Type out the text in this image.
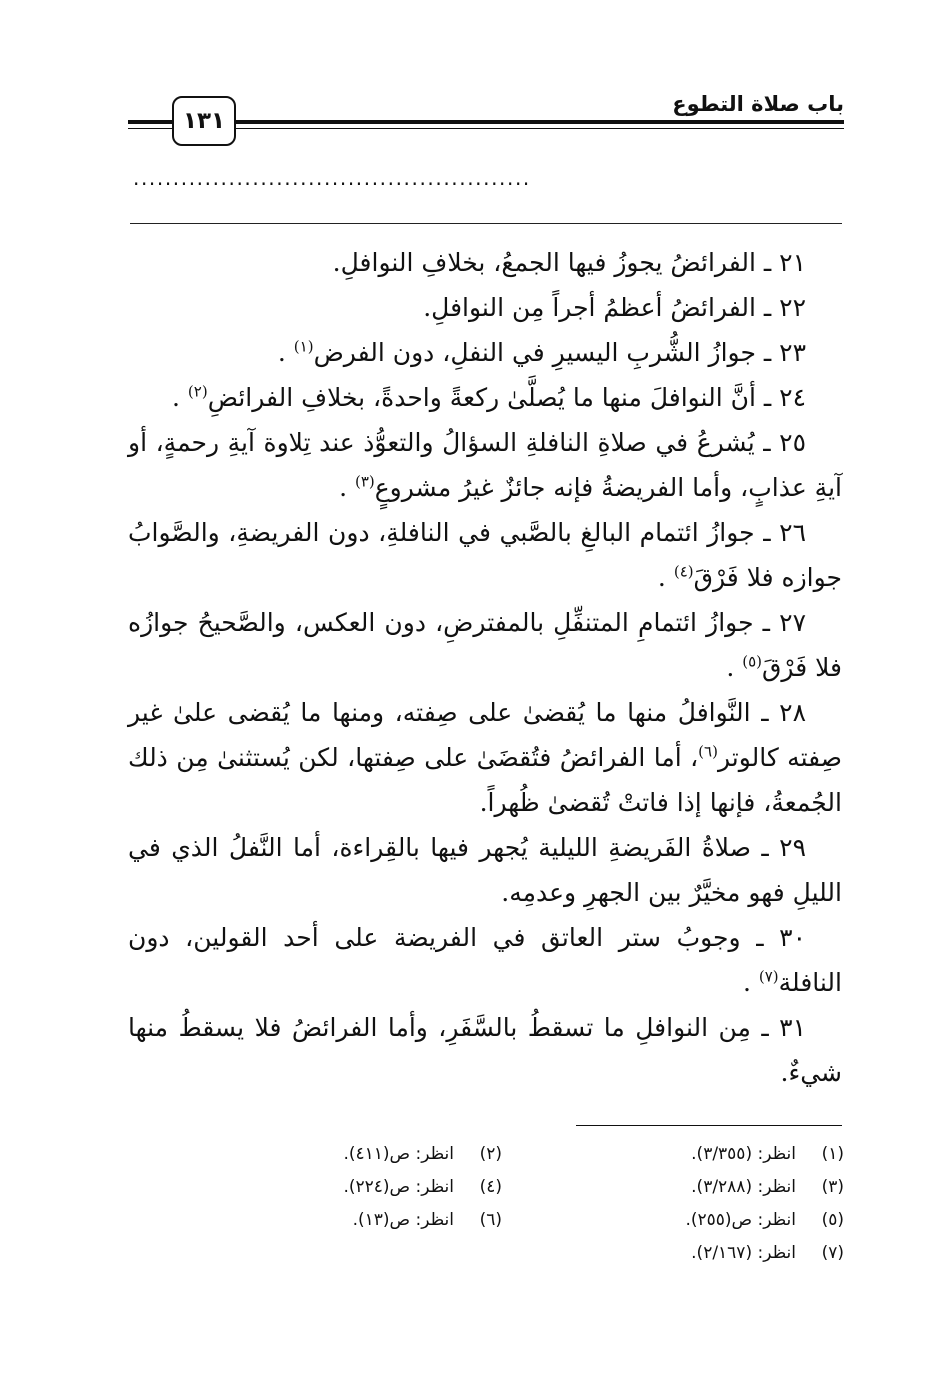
١٣١
باب صلاة التطوع
..................................................

٢١ ـ الفرائضُ يجوزُ فيها الجمعُ، بخلافِ النوافلِ.

٢٢ ـ الفرائضُ أعظمُ أجراً مِن النوافلِ.

٢٣ ـ جوازُ الشُّربِ اليسيرِ في النفلِ، دون الفرض$^{(١)}$ .

٢٤ ـ أنَّ النوافلَ منها ما يُصلَّىٰ ركعةً واحدةً، بخلافِ الفرائضِ$^{(٢)}$ .

٢٥ ـ يُشرعُ في صلاةِ النافلةِ السؤالُ والتعوُّذ عند تِلاوة آيةِ رحمةٍ، أو آيةِ عذابٍ، وأما الفريضةُ فإنه جائزٌ غيرُ مشروعٍ$^{(٣)}$ .

٢٦ ـ جوازُ ائتمام البالغِ بالصَّبي في النافلةِ، دون الفريضةِ، والصَّوابُ جوازه فلا فَرْقَ$^{(٤)}$ .

٢٧ ـ جوازُ ائتمامِ المتنفِّلِ بالمفترضِ، دون العكس، والصَّحيحُ جوازُه فلا فَرْقَ$^{(٥)}$ .

٢٨ ـ النَّوافلُ منها ما يُقضىٰ على صِفته، ومنها ما يُقضى علىٰ غير صِفته كالوتر$^{(٦)}$، أما الفرائضُ فتُقضَىٰ على صِفتها، لكن يُستثنىٰ مِن ذلك الجُمعةُ، فإنها إذا فاتتْ تُقضىٰ ظُهراً.

٢٩ ـ صلاةُ الفَريضةِ الليلية يُجهر فيها بالقِراءة، أما النَّفلُ الذي في الليلِ فهو مخيَّرٌ بين الجهرِ وعدمِه.

٣٠ ـ وجوبُ ستر العاتق في الفريضة على أحد القولين، دون النافلة$^{(٧)}$ .

٣١ ـ مِن النوافلِ ما تسقطُ بالسَّفَرِ، وأما الفرائضُ فلا يسقطُ منها شيءٌ.

(١)انظر: (٣/٣٥٥).
(٢)انظر: ص(٤١١).
(٣)انظر: (٣/٢٨٨).
(٤)انظر: ص(٢٢٤).
(٥)انظر: ص(٢٥٥).
(٦)انظر: ص(١٣).
(٧)انظر: (٢/١٦٧).
